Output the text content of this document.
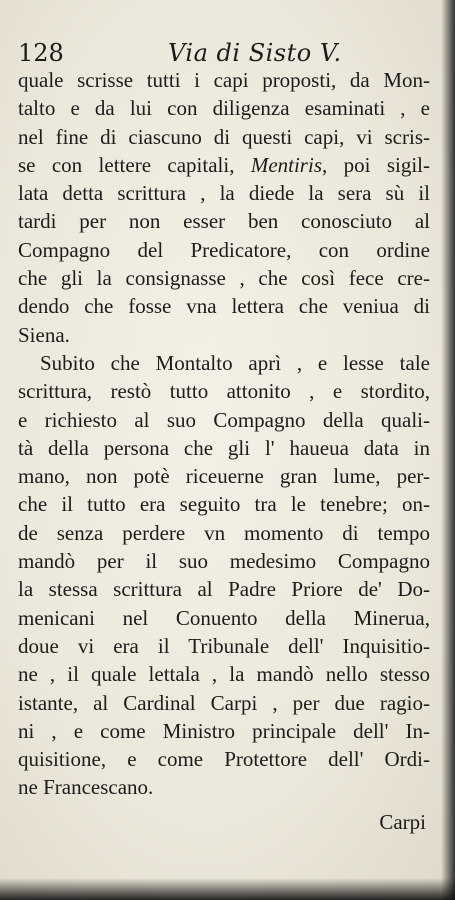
128	Via di Sisto V.
quale scrisse tutti i capi proposti, da Mon-
talto e da lui con diligenza esaminati , e
nel fine di ciascuno di questi capi, vi scris-
se con lettere capitali, Mentiris, poi sigil-
lata detta scrittura , la diede la sera sù il
tardi per non esser ben conosciuto al
Compagno del Predicatore, con ordine
che gli la consignasse , che così fece cre-
dendo che fosse vna lettera che veniua di
Siena.
Subito che Montalto aprì , e lesse tale
scrittura, restò tutto attonito , e stordito,
e richiesto al suo Compagno della quali-
tà della persona che gli l' haueua data in
mano, non potè riceuerne gran lume, per-
che il tutto era seguito tra le tenebre; on-
de senza perdere vn momento di tempo
mandò per il suo medesimo Compagno
la stessa scrittura al Padre Priore de' Do-
menicani nel Conuento della Minerua,
doue vi era il Tribunale dell' Inquisitio-
ne , il quale lettala , la mandò nello stesso
istante, al Cardinal Carpi , per due ragio-
ni , e come Ministro principale dell' In-
quisitione, e come Protettore dell' Ordi-
ne Francescano.
Carpi
